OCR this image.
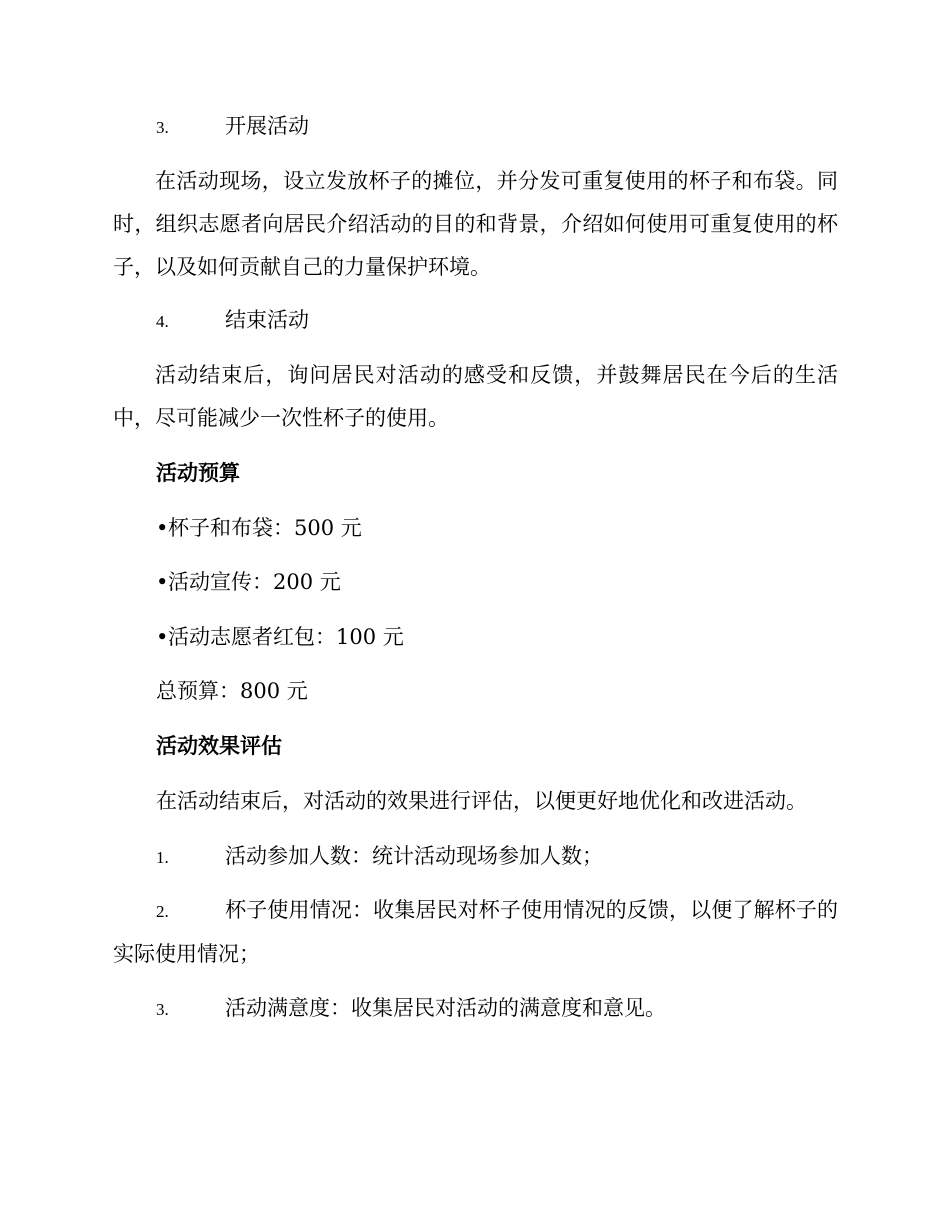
3.	开展活动
在活动现场，设立发放杯子的摊位，并分发可重复使用的杯子和布袋。同时，组织志愿者向居民介绍活动的目的和背景，介绍如何使用可重复使用的杯子，以及如何贡献自己的力量保护环境。
4.	结束活动
活动结束后，询问居民对活动的感受和反馈，并鼓舞居民在今后的生活中，尽可能减少一次性杯子的使用。
活动预算
•杯子和布袋：500 元
•活动宣传：200 元
•活动志愿者红包：100 元
总预算：800 元
活动效果评估
在活动结束后，对活动的效果进行评估，以便更好地优化和改进活动。
1.	活动参加人数：统计活动现场参加人数；
2.	杯子使用情况：收集居民对杯子使用情况的反馈，以便了解杯子的实际使用情况；
3.	活动满意度：收集居民对活动的满意度和意见。
